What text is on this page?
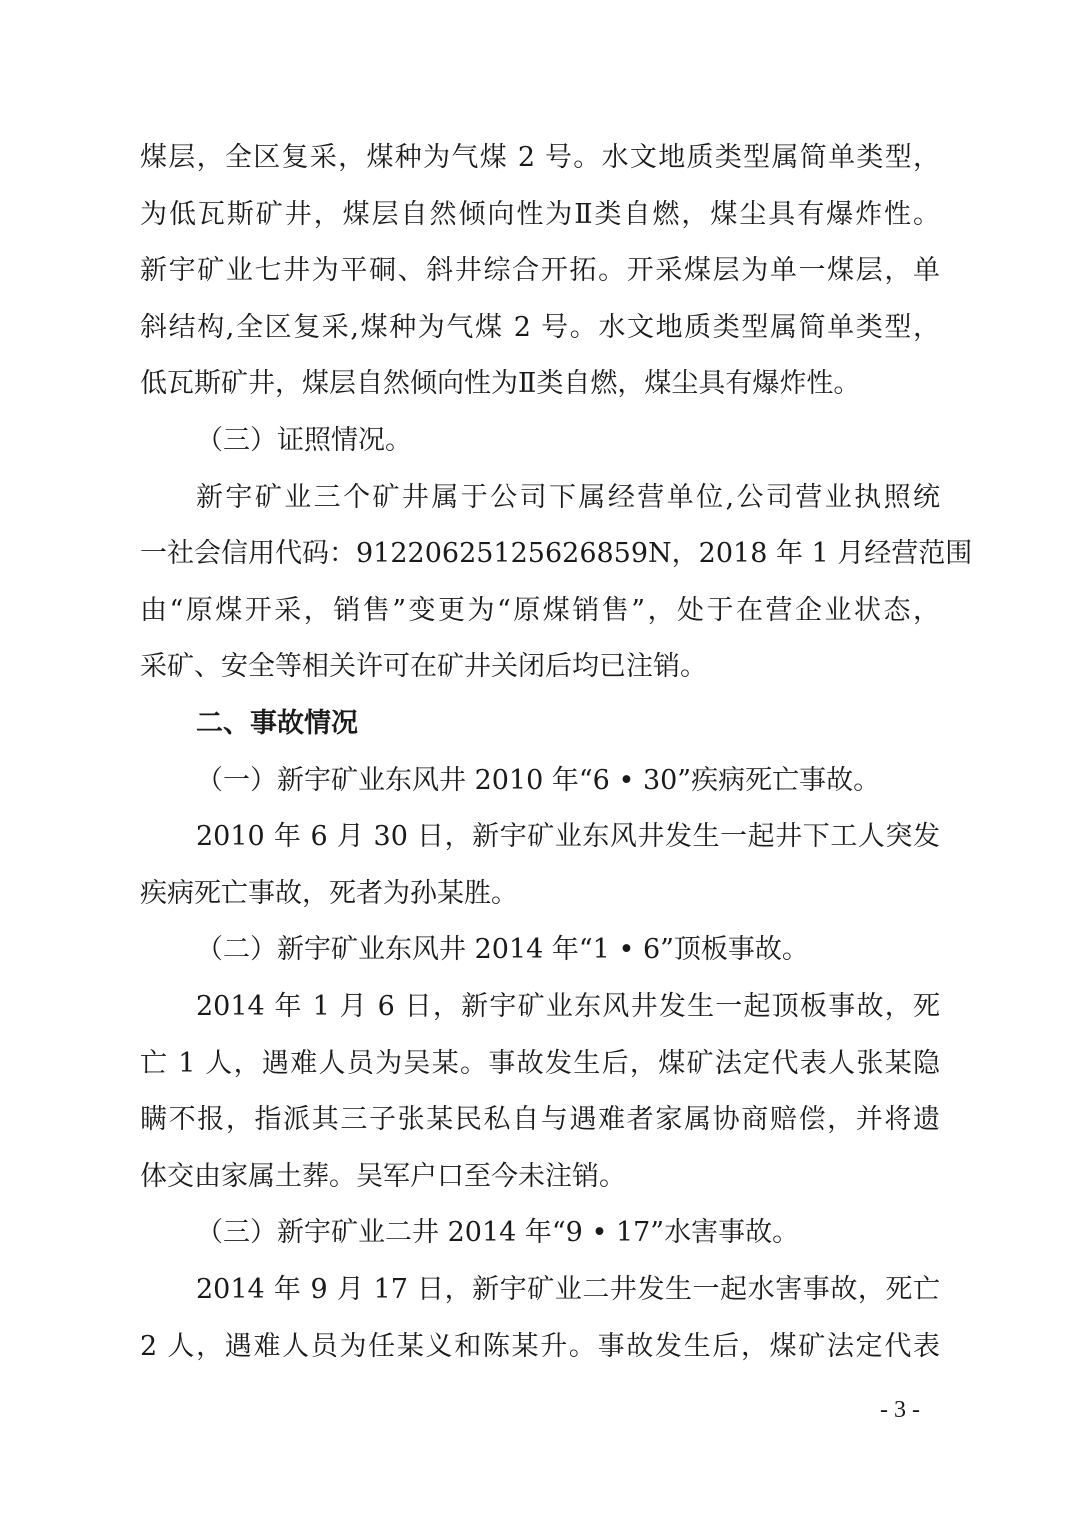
煤层，全区复采，煤种为气煤 2 号。水文地质类型属简单类型，
为低瓦斯矿井，煤层自然倾向性为Ⅱ类自燃，煤尘具有爆炸性。
新宇矿业七井为平硐、斜井综合开拓。开采煤层为单一煤层，单
斜结构,全区复采,煤种为气煤 2 号。水文地质类型属简单类型，
低瓦斯矿井，煤层自然倾向性为Ⅱ类自燃，煤尘具有爆炸性。
（三）证照情况。
新宇矿业三个矿井属于公司下属经营单位,公司营业执照统
一社会信用代码：91220625125626859N，2018 年 1 月经营范围
由“原煤开采，销售”变更为“原煤销售”，处于在营企业状态，
采矿、安全等相关许可在矿井关闭后均已注销。
二、事故情况
（一）新宇矿业东风井 2010 年“6 • 30”疾病死亡事故。
2010 年 6 月 30 日，新宇矿业东风井发生一起井下工人突发
疾病死亡事故，死者为孙某胜。
（二）新宇矿业东风井 2014 年“1 • 6”顶板事故。
2014 年 1 月 6 日，新宇矿业东风井发生一起顶板事故，死
亡 1 人，遇难人员为吴某。事故发生后，煤矿法定代表人张某隐
瞒不报，指派其三子张某民私自与遇难者家属协商赔偿，并将遗
体交由家属土葬。吴军户口至今未注销。
（三）新宇矿业二井 2014 年“9 • 17”水害事故。
2014 年 9 月 17 日，新宇矿业二井发生一起水害事故，死亡
2 人，遇难人员为任某义和陈某升。事故发生后，煤矿法定代表
- 3 -
